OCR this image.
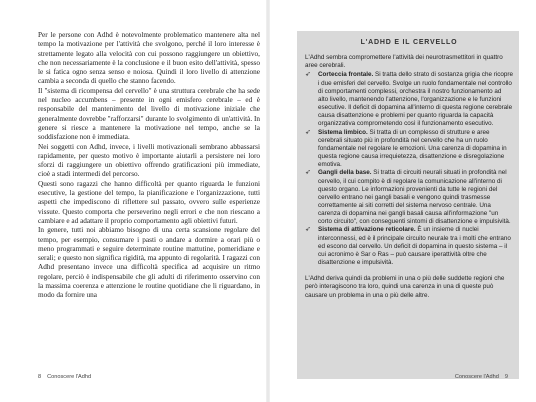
Per le persone con Adhd è notevolmente problematico mantenere alta nel tempo la motivazione per l'attività che svolgono, perché il loro interesse è strettamente legato alla velocità con cui possono raggiungere un obiettivo, che non necessariamente è la conclusione e il buon esito dell'attività, spesso le si fatica ogno senza senso e noiosa. Quindi il loro livello di attenzione cambia a seconda di quello che stanno facendo.

Il "sistema di ricompensa del cervello" è una struttura cerebrale che ha sede nel nucleo accumbens – presente in ogni emisfero cerebrale – ed è responsabile del mantenimento del livello di motivazione iniziale che generalmente dovrebbe "rafforzarsi" durante lo svolgimento di un'attività. In genere si riesce a mantenere la motivazione nel tempo, anche se la soddisfazione non è immediata.

Nei soggetti con Adhd, invece, i livelli motivazionali sembrano abbassarsi rapidamente, per questo motivo è importante aiutarli a persistere nei loro sforzi di raggiungere un obiettivo offrendo gratificazioni più immediate, cioè a stadi intermedi del percorso.

Questi sono ragazzi che hanno difficoltà per quanto riguarda le funzioni esecutive, la gestione del tempo, la pianificazione e l'organizzazione, tutti aspetti che impediscono di riflettere sul passato, ovvero sulle esperienze vissute. Questo comporta che perseverino negli errori e che non riescano a cambiare e ad adattare il proprio comportamento agli obiettivi futuri.

In genere, tutti noi abbiamo bisogno di una certa scansione regolare del tempo, per esempio, consumare i pasti o andare a dormire a orari più o meno programmati e seguire determinate routine mattutine, pomeridiane e serali; e questo non significa rigidità, ma appunto di regolarità. I ragazzi con Adhd presentano invece una difficoltà specifica ad acquisire un ritmo regolare, perciò è indispensabile che gli adulti di riferimento osservino con la massima coerenza e attenzione le routine quotidiane che li riguardano, in modo da fornire una

8 Conoscere l'Adhd
L'ADHD E IL CERVELLO

L'Adhd sembra compromettere l'attività dei neurotrasmettitori in quattro aree cerebrali.

➶ Corteccia frontale. Si tratta dello strato di sostanza grigia che ricopre i due emisferi del cervello. Svolge un ruolo fondamentale nel controllo di comportamenti complessi, orchestra il nostro funzionamento ad alto livello, mantenendo l'attenzione, l'organizzazione e le funzioni esecutive. Il deficit di dopamina all'interno di questa regione cerebrale causa disattenzione e problemi per quanto riguarda la capacità organizzativa comprometendo così il funzionamento esecutivo.

➶ Sistema limbico. Si tratta di un complesso di strutture e aree cerebrali situato più in profondità nel cervello che ha un ruolo fondamentale nel regolare le emozioni. Una carenza di dopamina in questa regione causa irrequietezza, disattenzione e disregolazione emotiva.

➶ Gangli della base. Si tratta di circuiti neurali situati in profondità nel cervello, il cui compito è di regolare la comunicazione all'interno di questo organo. Le informazioni provenienti da tutte le regioni del cervello entrano nei gangli basali e vengono quindi trasmesse correttamente ai siti corretti del sistema nervoso centrale. Una carenza di dopamina nei gangli basali causa all'informazione "un corto circuito", con conseguenti sintomi di disattenzione e impulsività.

➶ Sistema di attivazione reticolare. È un insieme di nuclei interconnessi, ed è il principale circuito neurale tra i molti che entrano ed escono dal cervello. Un deficit di dopamina in questo sistema – il cui acronimo è Sar o Ras – può causare iperattività oltre che disattenzione e impulsività.

L'Adhd deriva quindi da problemi in una o più delle suddette regioni che però interagiscono tra loro, quindi una carenza in una di queste può causare un problema in una o più delle altre.

Conoscere l'Adhd 9
